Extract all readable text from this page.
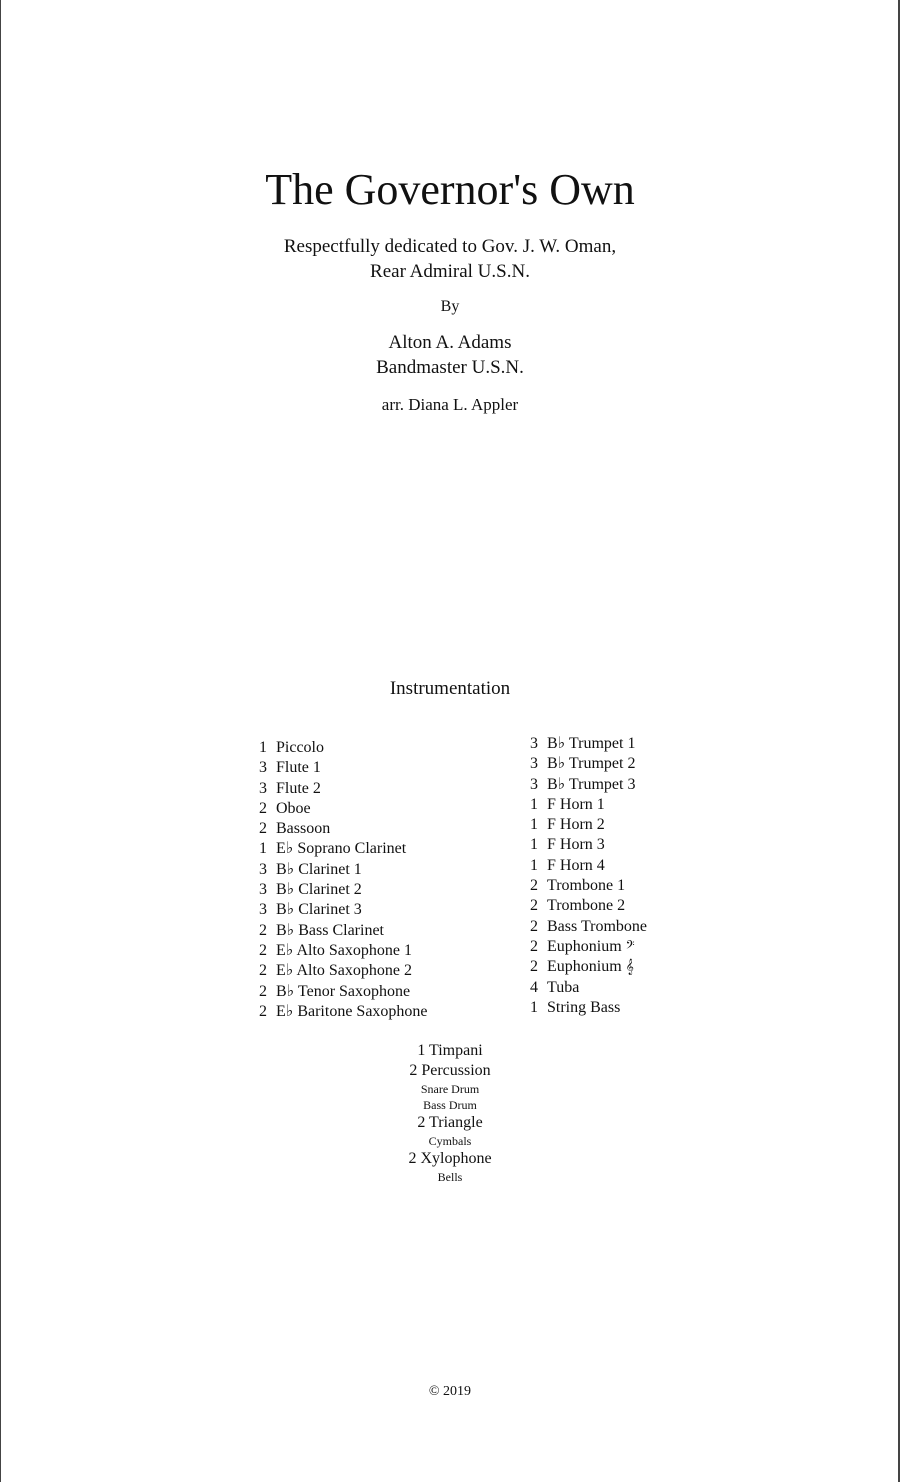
The Governor's Own
Respectfully dedicated to Gov. J. W. Oman,
Rear Admiral U.S.N.
By
Alton A. Adams
Bandmaster U.S.N.
arr. Diana L. Appler
Instrumentation
1 Piccolo
3 Flute 1
3 Flute 2
2 Oboe
2 Bassoon
1 E♭ Soprano Clarinet
3 B♭ Clarinet 1
3 B♭ Clarinet 2
3 B♭ Clarinet 3
2 B♭ Bass Clarinet
2 E♭ Alto Saxophone 1
2 E♭ Alto Saxophone 2
2 B♭ Tenor Saxophone
2 E♭ Baritone Saxophone
3 B♭ Trumpet 1
3 B♭ Trumpet 2
3 B♭ Trumpet 3
1 F Horn 1
1 F Horn 2
1 F Horn 3
1 F Horn 4
2 Trombone 1
2 Trombone 2
2 Bass Trombone
2 Euphonium 𝄢
2 Euphonium 𝄞
4 Tuba
1 String Bass
1 Timpani
2 Percussion
Snare Drum
Bass Drum
2 Triangle
Cymbals
2 Xylophone
Bells
© 2019
